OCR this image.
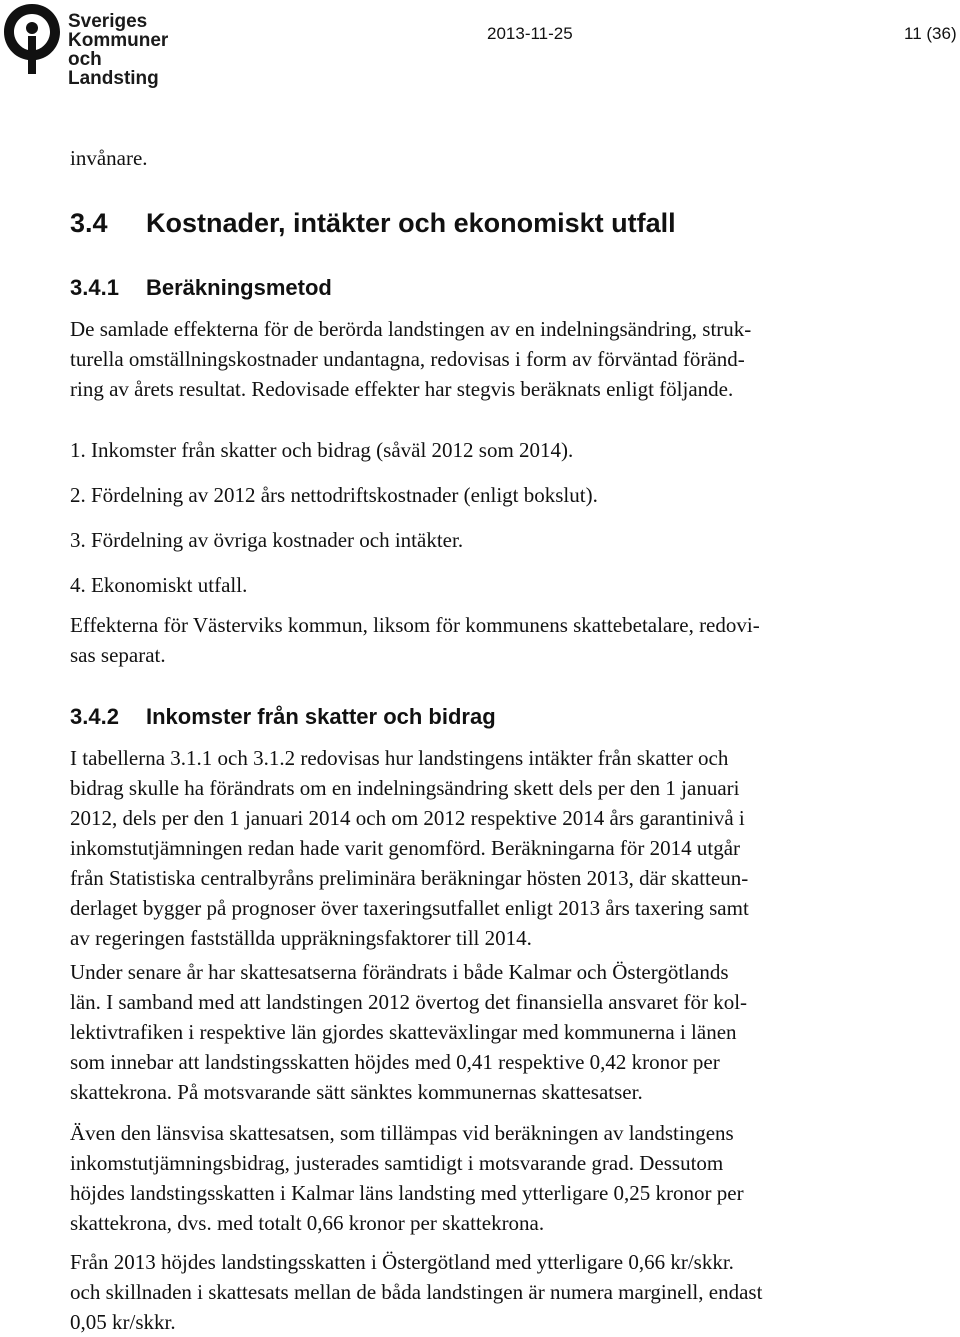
Sveriges
Kommuner
och Landsting
2013-11-25	11 (36)

invånare.

3.4 Kostnader, intäkter och ekonomiskt utfall
3.4.1 Beräkningsmetod
De samlade effekterna för de berörda landstingen av en indelningsändring, struk-
turella omställningskostnader undantagna, redovisas i form av förväntad föränd-
ring av årets resultat. Redovisade effekter har stegvis beräknats enligt följande.
1. Inkomster från skatter och bidrag (såväl 2012 som 2014).
2. Fördelning av 2012 års nettodriftskostnader (enligt bokslut).
3. Fördelning av övriga kostnader och intäkter.
4. Ekonomiskt utfall.
Effekterna för Västerviks kommun, liksom för kommunens skattebetalare, redovi-
sas separat.
3.4.2 Inkomster från skatter och bidrag
I tabellerna 3.1.1 och 3.1.2 redovisas hur landstingens intäkter från skatter och
bidrag skulle ha förändrats om en indelningsändring skett dels per den 1 januari
2012, dels per den 1 januari 2014 och om 2012 respektive 2014 års garantinivå i
inkomstutjämningen redan hade varit genomförd. Beräkningarna för 2014 utgår
från Statistiska centralbyråns preliminära beräkningar hösten 2013, där skatteun-
derlaget bygger på prognoser över taxeringsutfallet enligt 2013 års taxering samt
av regeringen fastställda uppräkningsfaktorer till 2014.
Under senare år har skattesatserna förändrats i både Kalmar och Östergötlands
län. I samband med att landstingen 2012 övertog det finansiella ansvaret för kol-
lektivtrafiken i respektive län gjordes skatteväxlingar med kommunerna i länen
som innebar att landstingsskatten höjdes med 0,41 respektive 0,42 kronor per
skattekrona. På motsvarande sätt sänktes kommunernas skattesatser.
Även den länsvisa skattesatsen, som tillämpas vid beräkningen av landstingens
inkomstutjämningsbidrag, justerades samtidigt i motsvarande grad. Dessutom
höjdes landstingsskatten i Kalmar läns landsting med ytterligare 0,25 kronor per
skattekrona, dvs. med totalt 0,66 kronor per skattekrona.
Från 2013 höjdes landstingsskatten i Östergötland med ytterligare 0,66 kr/skkr.
och skillnaden i skattesats mellan de båda landstingen är numera marginell, endast
0,05 kr/skkr.
